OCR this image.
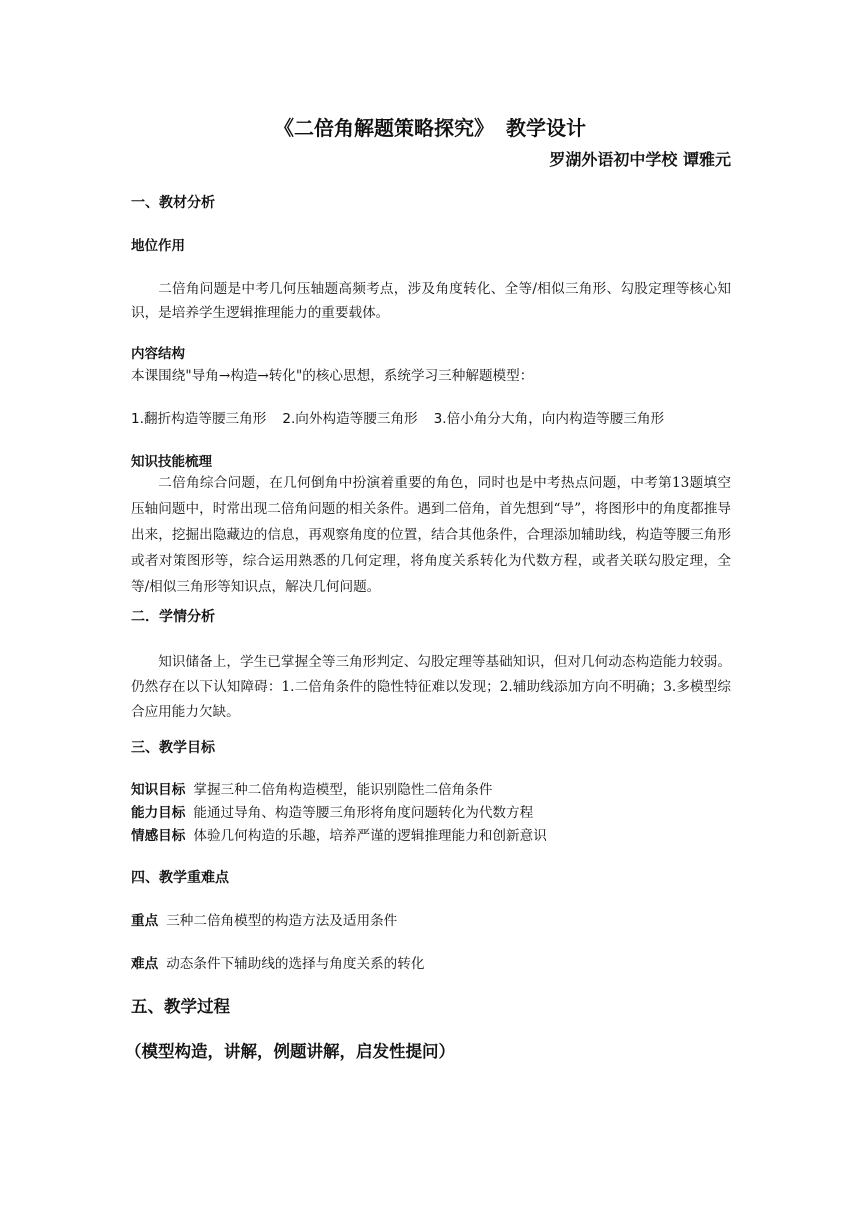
《二倍角解题策略探究》 教学设计
罗湖外语初中学校 谭雅元
一、教材分析
地位作用
二倍角问题是中考几何压轴题高频考点，涉及角度转化、全等/相似三角形、勾股定理等核心知识，是培养学生逻辑推理能力的重要载体。
内容结构
本课围绕"导角→构造→转化"的核心思想，系统学习三种解题模型：
1.翻折构造等腰三角形 2.向外构造等腰三角形 3.倍小角分大角，向内构造等腰三角形
知识技能梳理
二倍角综合问题，在几何倒角中扮演着重要的角色，同时也是中考热点问题，中考第13题填空压轴问题中，时常出现二倍角问题的相关条件。遇到二倍角，首先想到“导”，将图形中的角度都推导出来，挖掘出隐藏边的信息，再观察角度的位置，结合其他条件，合理添加辅助线，构造等腰三角形或者对策图形等，综合运用熟悉的几何定理，将角度关系转化为代数方程，或者关联勾股定理，全等/相似三角形等知识点，解决几何问题。
二．学情分析
知识储备上，学生已掌握全等三角形判定、勾股定理等基础知识，但对几何动态构造能力较弱。仍然存在以下认知障碍：1.二倍角条件的隐性特征难以发现；2.辅助线添加方向不明确；3.多模型综合应用能力欠缺。
三、教学目标
知识目标 掌握三种二倍角构造模型，能识别隐性二倍角条件
能力目标 能通过导角、构造等腰三角形将角度问题转化为代数方程
情感目标 体验几何构造的乐趣，培养严谨的逻辑推理能力和创新意识
四、教学重难点
重点 三种二倍角模型的构造方法及适用条件
难点 动态条件下辅助线的选择与角度关系的转化
五、教学过程
（模型构造，讲解，例题讲解，启发性提问）
